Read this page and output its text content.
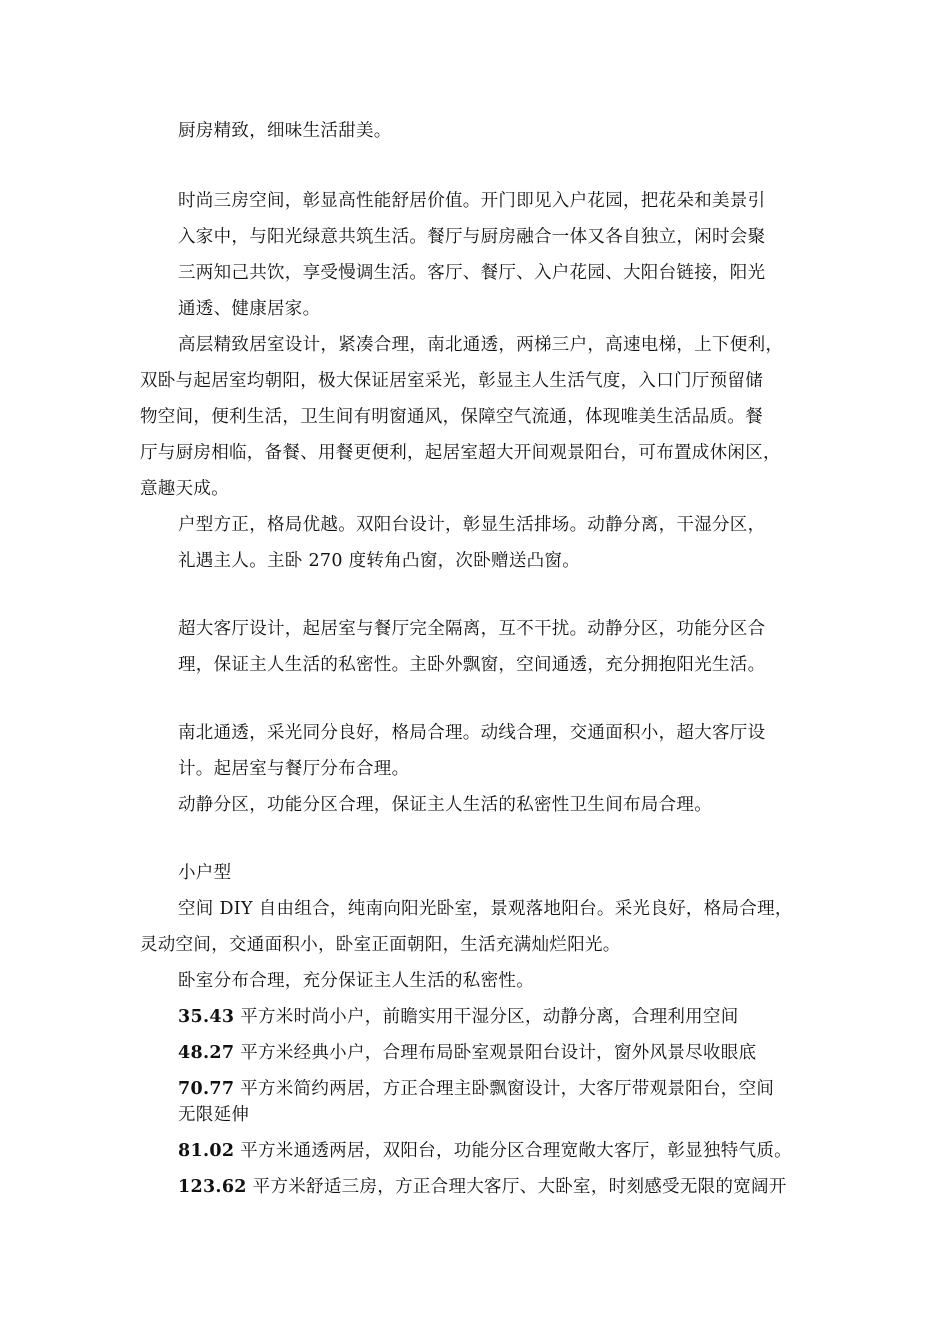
厨房精致，细味生活甜美。
时尚三房空间，彰显高性能舒居价值。开门即见入户花园，把花朵和美景引
入家中，与阳光绿意共筑生活。餐厅与厨房融合一体又各自独立，闲时会聚
三两知己共饮，享受慢调生活。客厅、餐厅、入户花园、大阳台链接，阳光
通透、健康居家。
高层精致居室设计，紧凑合理，南北通透，两梯三户，高速电梯，上下便利，
双卧与起居室均朝阳，极大保证居室采光，彰显主人生活气度，入口门厅预留储
物空间，便利生活，卫生间有明窗通风，保障空气流通，体现唯美生活品质。餐
厅与厨房相临，备餐、用餐更便利，起居室超大开间观景阳台，可布置成休闲区，
意趣天成。
户型方正，格局优越。双阳台设计，彰显生活排场。动静分离，干湿分区，
礼遇主人。主卧 270 度转角凸窗，次卧赠送凸窗。
超大客厅设计，起居室与餐厅完全隔离，互不干扰。动静分区，功能分区合
理，保证主人生活的私密性。主卧外飘窗，空间通透，充分拥抱阳光生活。
南北通透，采光同分良好，格局合理。动线合理，交通面积小，超大客厅设
计。起居室与餐厅分布合理。
动静分区，功能分区合理，保证主人生活的私密性卫生间布局合理。
小户型
空间 DIY 自由组合，纯南向阳光卧室，景观落地阳台。采光良好，格局合理，
灵动空间，交通面积小，卧室正面朝阳，生活充满灿烂阳光。
卧室分布合理，充分保证主人生活的私密性。
35.43 平方米时尚小户，前瞻实用干湿分区，动静分离，合理利用空间
48.27 平方米经典小户，合理布局卧室观景阳台设计，窗外风景尽收眼底
70.77 平方米简约两居，方正合理主卧飘窗设计，大客厅带观景阳台，空间
无限延伸
81.02 平方米通透两居，双阳台，功能分区合理宽敞大客厅，彰显独特气质。
123.62 平方米舒适三房，方正合理大客厅、大卧室，时刻感受无限的宽阔开
